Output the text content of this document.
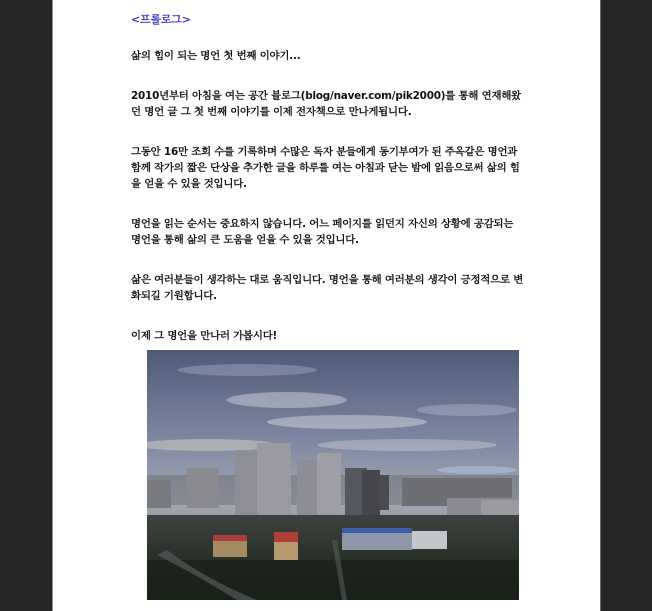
<프롤로그>
삶의 힘이 되는 명언 첫 번째 이야기...
2010년부터 아침을 여는 공간 블로그(blog/naver.com/pik2000)를 통해 연재해왔던 명언 글 그 첫 번째 이야기를 이제 전자책으로 만나게됩니다.
그동안 16만 조회 수를 기록하며 수많은 독자 분들에게 동기부여가 된 주옥같은 명언과 함께 작가의 짧은 단상을 추가한 글을 하루를 여는 아침과 닫는 밤에 읽음으로써 삶의 힘을 얻을 수 있을 것입니다.
명언을 읽는 순서는 중요하지 않습니다. 어느 페이지를 읽던지 자신의 상황에 공감되는 명언을 통해 삶의 큰 도움을 얻을 수 있을 것입니다.
삶은 여러분들이 생각하는 대로 움직입니다. 명언을 통해 여러분의 생각이 긍정적으로 변화되길 기원합니다.
이제 그 명언을 만나러 가봅시다!
